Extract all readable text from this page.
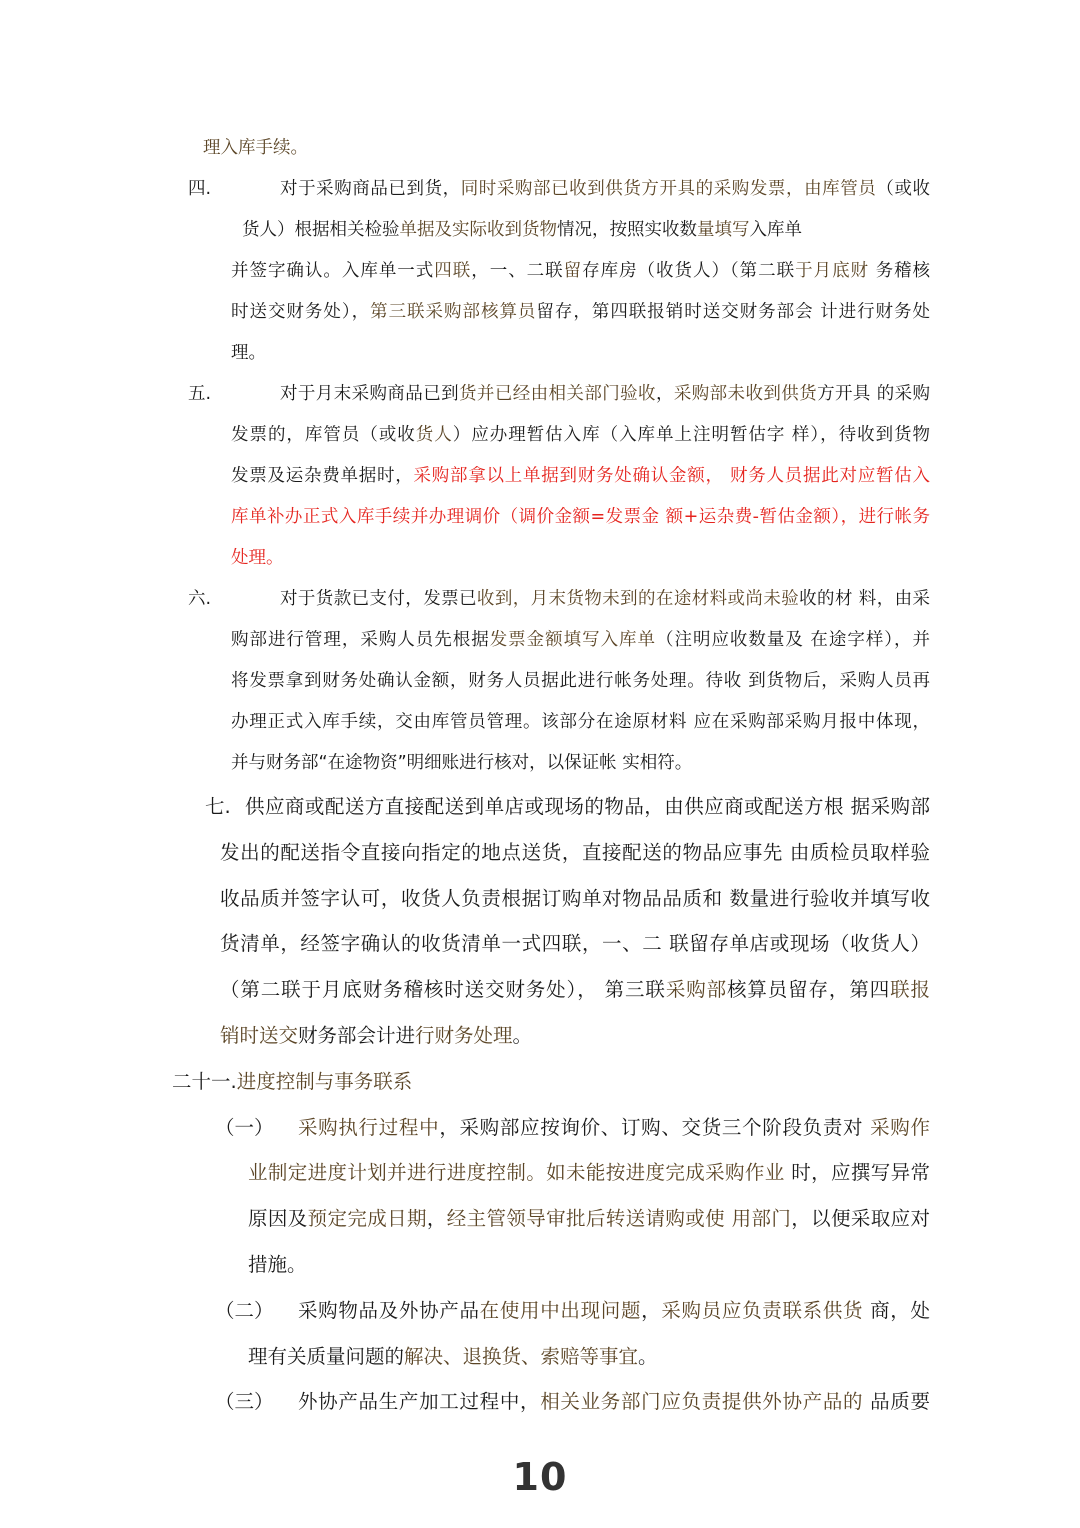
理入库手续。
四.	对于采购商品已到货，同时采购部已收到供货方开具的采购发票，由库管员（或收
货人）根据相关检验单据及实际收到货物情况，按照实收数量填写入库单
并签字确认。入库单一式四联，一、二联留存库房（收货人）（第二联于月底财 务稽核
时送交财务处），第三联采购部核算员留存，第四联报销时送交财务部会 计进行财务处
理。
五.	对于月末采购商品已到货并已经由相关部门验收，采购部未收到供货方开具 的采购
发票的，库管员（或收货人）应办理暂估入库（入库单上注明暂估字 样），待收到货物
发票及运杂费单据时，采购部拿以上单据到财务处确认金额， 财务人员据此对应暂估入
库单补办正式入库手续并办理调价（调价金额=发票金 额+运杂费-暂估金额），进行帐务
处理。
六.	对于货款已支付，发票已收到，月末货物未到的在途材料或尚未验收的材 料，由采
购部进行管理，采购人员先根据发票金额填写入库单（注明应收数量及 在途字样），并
将发票拿到财务处确认金额，财务人员据此进行帐务处理。待收 到货物后，采购人员再
办理正式入库手续，交由库管员管理。该部分在途原材料 应在采购部采购月报中体现，
并与财务部“在途物资”明细账进行核对，以保证帐 实相符。
七. 供应商或配送方直接配送到单店或现场的物品，由供应商或配送方根 据采购部
发出的配送指令直接向指定的地点送货，直接配送的物品应事先 由质检员取样验
收品质并签字认可，收货人负责根据订购单对物品品质和 数量进行验收并填写收
货清单，经签字确认的收货清单一式四联，一、二 联留存单店或现场（收货人）
（第二联于月底财务稽核时送交财务处）， 第三联采购部核算员留存，第四联报
销时送交财务部会计进行财务处理。
二十一.进度控制与事务联系
（一） 采购执行过程中，采购部应按询价、订购、交货三个阶段负责对 采购作
业制定进度计划并进行进度控制。如未能按进度完成采购作业 时，应撰写异常
原因及预定完成日期，经主管领导审批后转送请购或使 用部门，以便采取应对
措施。
（二） 采购物品及外协产品在使用中出现问题，采购员应负责联系供货 商，处
理有关质量问题的解决、退换货、索赔等事宜。
（三） 外协产品生产加工过程中，相关业务部门应负责提供外协产品的 品质要
10
